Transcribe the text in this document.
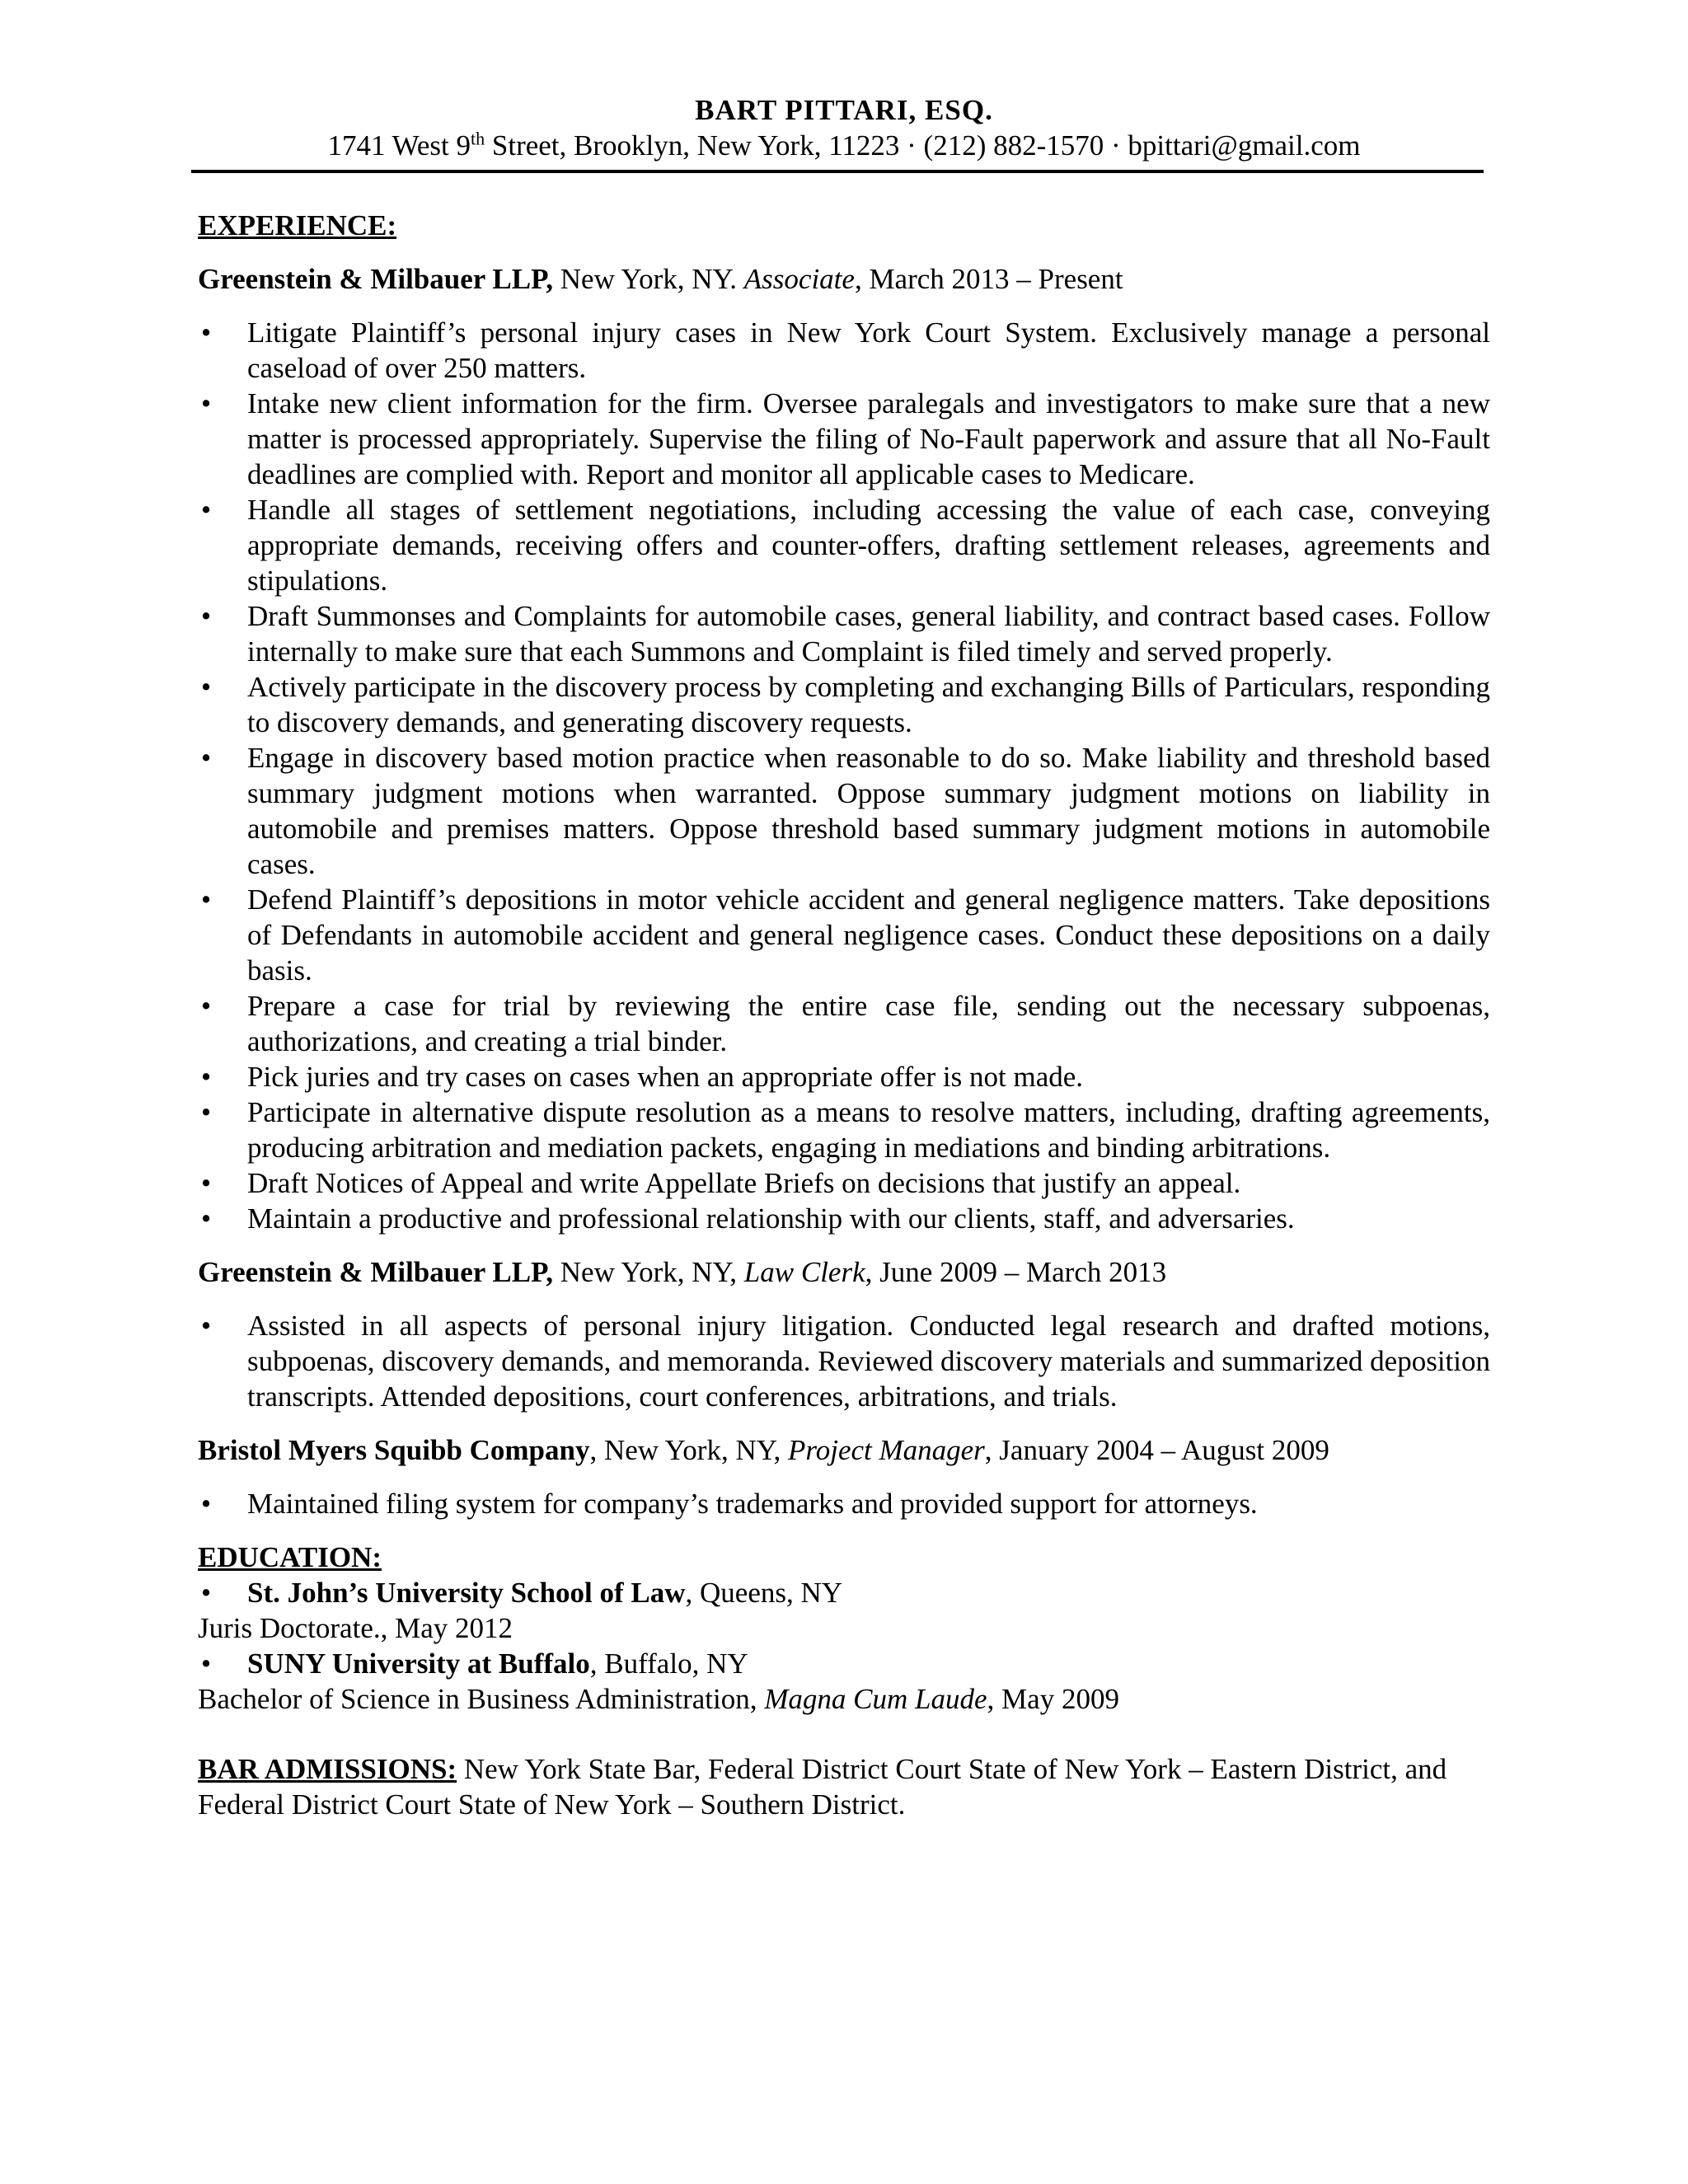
BART PITTARI, ESQ.
1741 West 9th Street, Brooklyn, New York, 11223 · (212) 882-1570 · bpittari@gmail.com
EXPERIENCE:
Greenstein & Milbauer LLP, New York, NY. Associate, March 2013 – Present
• Litigate Plaintiff’s personal injury cases in New York Court System. Exclusively manage a personal caseload of over 250 matters.
• Intake new client information for the firm. Oversee paralegals and investigators to make sure that a new matter is processed appropriately. Supervise the filing of No-Fault paperwork and assure that all No-Fault deadlines are complied with. Report and monitor all applicable cases to Medicare.
• Handle all stages of settlement negotiations, including accessing the value of each case, conveying appropriate demands, receiving offers and counter-offers, drafting settlement releases, agreements and stipulations.
• Draft Summonses and Complaints for automobile cases, general liability, and contract based cases. Follow internally to make sure that each Summons and Complaint is filed timely and served properly.
• Actively participate in the discovery process by completing and exchanging Bills of Particulars, responding to discovery demands, and generating discovery requests.
• Engage in discovery based motion practice when reasonable to do so. Make liability and threshold based summary judgment motions when warranted. Oppose summary judgment motions on liability in automobile and premises matters. Oppose threshold based summary judgment motions in automobile cases.
• Defend Plaintiff’s depositions in motor vehicle accident and general negligence matters. Take depositions of Defendants in automobile accident and general negligence cases. Conduct these depositions on a daily basis.
• Prepare a case for trial by reviewing the entire case file, sending out the necessary subpoenas, authorizations, and creating a trial binder.
• Pick juries and try cases on cases when an appropriate offer is not made.
• Participate in alternative dispute resolution as a means to resolve matters, including, drafting agreements, producing arbitration and mediation packets, engaging in mediations and binding arbitrations.
• Draft Notices of Appeal and write Appellate Briefs on decisions that justify an appeal.
• Maintain a productive and professional relationship with our clients, staff, and adversaries.
Greenstein & Milbauer LLP, New York, NY, Law Clerk, June 2009 – March 2013
• Assisted in all aspects of personal injury litigation. Conducted legal research and drafted motions, subpoenas, discovery demands, and memoranda. Reviewed discovery materials and summarized deposition transcripts. Attended depositions, court conferences, arbitrations, and trials.
Bristol Myers Squibb Company, New York, NY, Project Manager, January 2004 – August 2009
• Maintained filing system for company’s trademarks and provided support for attorneys.
EDUCATION:
• St. John’s University School of Law, Queens, NY
Juris Doctorate., May 2012
• SUNY University at Buffalo, Buffalo, NY
Bachelor of Science in Business Administration, Magna Cum Laude, May 2009
BAR ADMISSIONS: New York State Bar, Federal District Court State of New York – Eastern District, and Federal District Court State of New York – Southern District.
